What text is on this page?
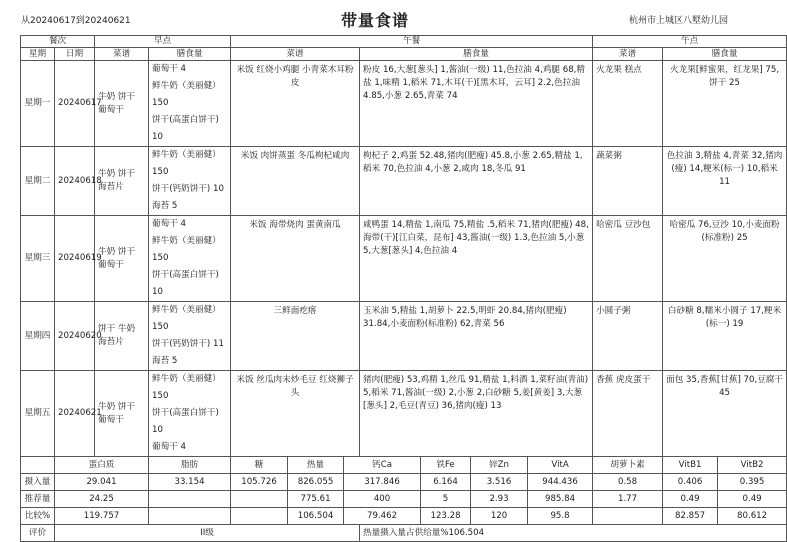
从20240617到20240621	带量食谱	杭州市上城区八墅幼儿园
餐次		早点		午餐							午点			
星期	日期	菜谱	膳食量	菜谱			膳食量				菜谱	膳食量		
星期一	20240617	牛奶 饼干 葡萄干	葡萄干 4
鲜牛奶（美丽健） 150
饼干(高蛋白饼干) 10	米饭 红烧小鸡腿 小青菜木耳粉皮			粉皮 16,大葱[葱头] 1,酱油(一级) 11,色拉油 4,鸡腿 68,精盐 1,味精 1,稻米 71,木耳(干)[黑木耳，云耳] 2.2,色拉油 4.85,小葱 2.65,青菜 74				火龙果 糕点	火龙果[鲜蜜果，红龙果] 75,饼干 25		
星期二	20240618	牛奶 饼干 海苔片	鲜牛奶（美丽健） 150
饼干(钙奶饼干) 10
海苔 5	米饭 肉饼蒸蛋 冬瓜枸杞咸肉			枸杞子 2,鸡蛋 52.48,猪肉(肥瘦) 45.8,小葱 2.65,精盐 1,稻米 70,色拉油 4,小葱 2,咸肉 18,冬瓜 91				蔬菜粥	色拉油 3,精盐 4,青菜 32,猪肉(瘦) 14,粳米(标一) 10,稻米 11		
星期三	20240619	牛奶 饼干 葡萄干	葡萄干 4
鲜牛奶（美丽健） 150
饼干(高蛋白饼干) 10	米饭 海带烧肉 蛋黄南瓜			咸鸭蛋 14,精盐 1,南瓜 75,精盐 .5,稻米 71,猪肉(肥瘦) 48,海带(干)[江白菜，昆布] 43,酱油(一级) 1.3,色拉油 5,小葱 5,大葱[葱头] 4,色拉油 4				哈密瓜 豆沙包	哈密瓜 76,豆沙 10,小麦面粉(标准粉) 25		
星期四	20240620	饼干 牛奶 海苔片	鲜牛奶（美丽健） 150
饼干(钙奶饼干) 11
海苔 5	三鲜面疙瘩			玉米油 5,精盐 1,胡萝卜 22.5,明虾 20.84,猪肉(肥瘦) 31.84,小麦面粉(标准粉) 62,青菜 56				小圆子粥	白砂糖 8,糯米小圆子 17,粳米(标一) 19		
星期五	20240621	牛奶 饼干 葡萄干	鲜牛奶（美丽健） 150
饼干(高蛋白饼干) 10
葡萄干 4	米饭 丝瓜肉末炒毛豆 红烧狮子头			猪肉(肥瘦) 53,鸡精 1,丝瓜 91,精盐 1,料酒 1,菜籽油(青油) 5,稻米 71,酱油(一级) 2,小葱 2,白砂糖 5,姜[黄姜] 3,大葱[葱头] 2,毛豆(青豆) 36,猪肉(瘦) 13				香蕉 虎皮蛋干	面包 35,香蕉[甘蕉] 70,豆腐干 45		
	蛋白质		脂肪	糖	热量	钙Ca		铁Fe	锌Zn	VitA	胡萝卜素	VitB1	VitB2	
摄入量	29.041		33.154	105.726	826.055	317.846		6.164	3.516	944.436	0.58	0.406	0.395	
推荐量	24.25				775.61	400		5	2.93	985.84	1.77	0.49	0.49	
比较%	119.757				106.504	79.462		123.28	120	95.8		82.857	80.612	
评价	II级						热量摄入量占供给量%106.504							
